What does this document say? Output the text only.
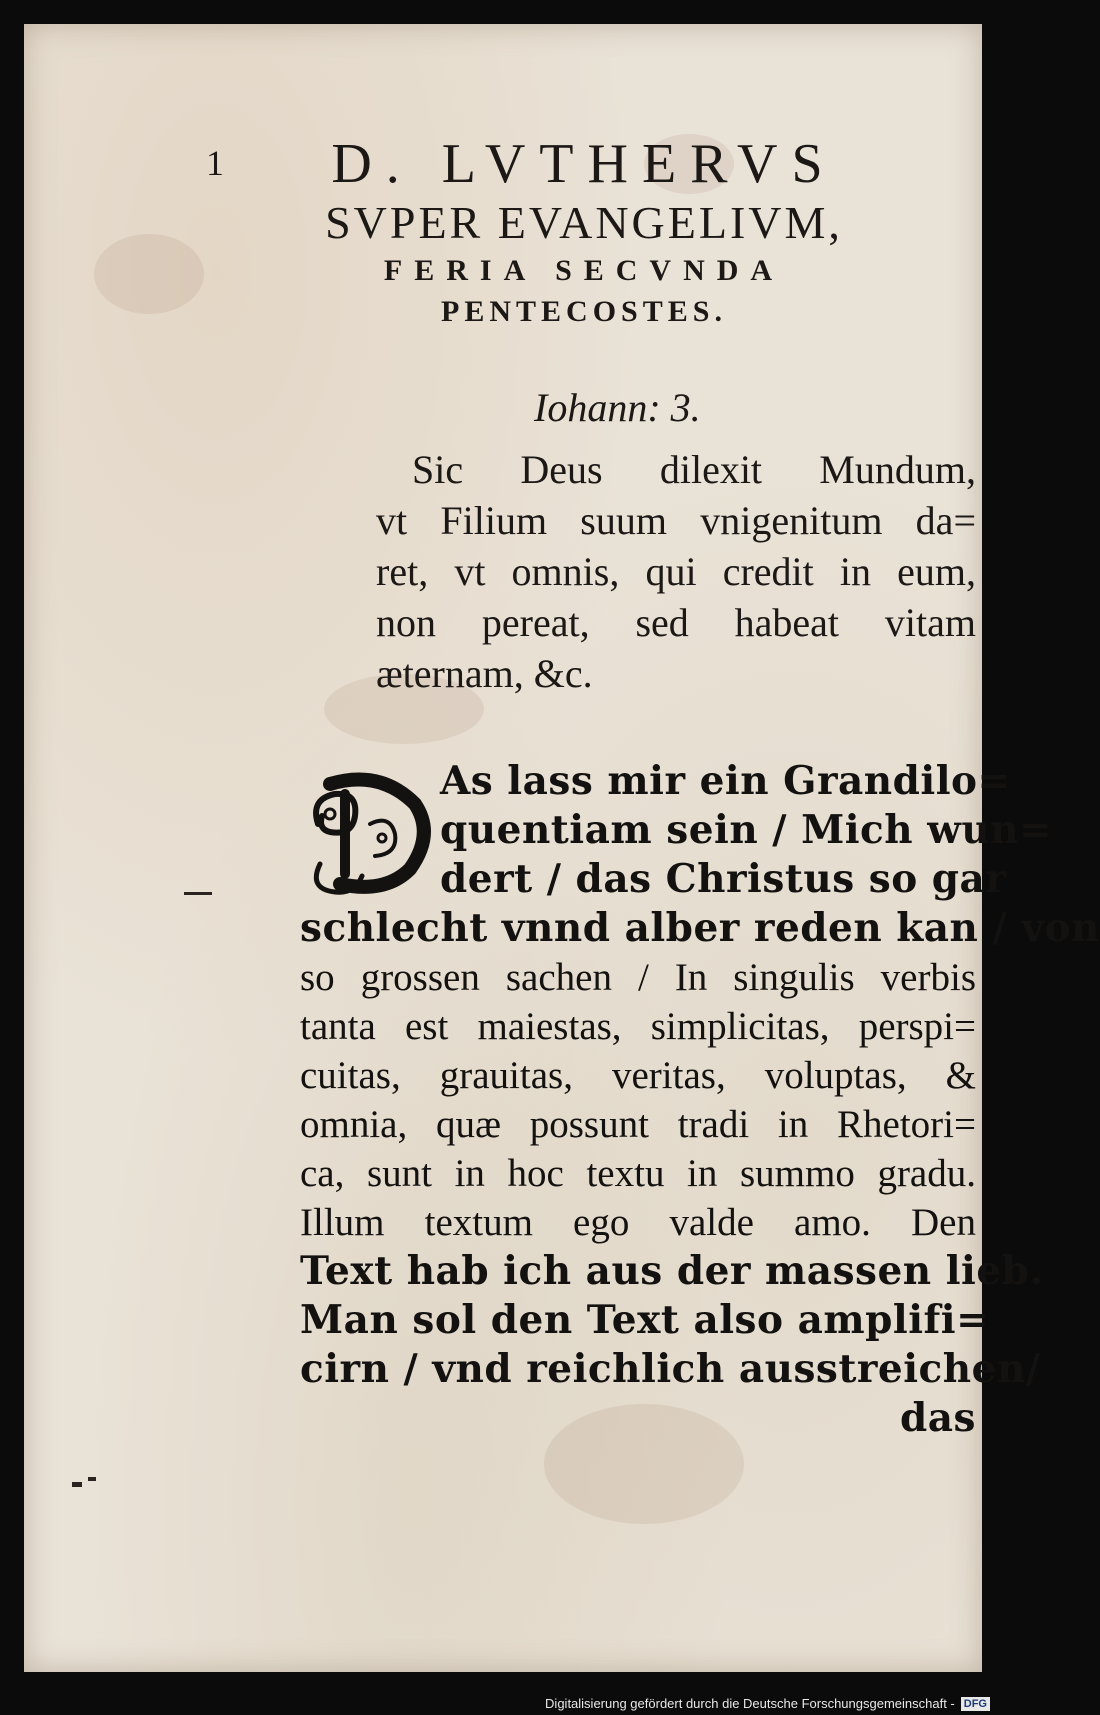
1	D. LVTHERVS
SVPER EVANGELIVM,
FERIA SECVNDA
PENTECOSTES.
Iohann: 3.
Sic Deus dilexit Mundum,
vt Filium suum vnigenitum da=
ret, vt omnis, qui credit in eum,
non pereat, sed habeat vitam
æternam, &c.
D
As lass mir ein Grandilo=
quentiam sein / Mich wun=
dert / das Christus so gar
schlecht vnnd alber reden kan / von
so grossen sachen / In singulis verbis
tanta est maiestas, simplicitas, perspi=
cuitas, grauitas, veritas, voluptas, &
omnia, quæ possunt tradi in Rhetori=
ca, sunt in hoc textu in summo gradu.
Illum textum ego valde amo. Den
Text hab ich aus der massen lieb.
Man sol den Text also amplifi=
cirn / vnd reichlich ausstreichen/
das
Digitalisierung gefördert durch die Deutsche Forschungsgemeinschaft - DFG
